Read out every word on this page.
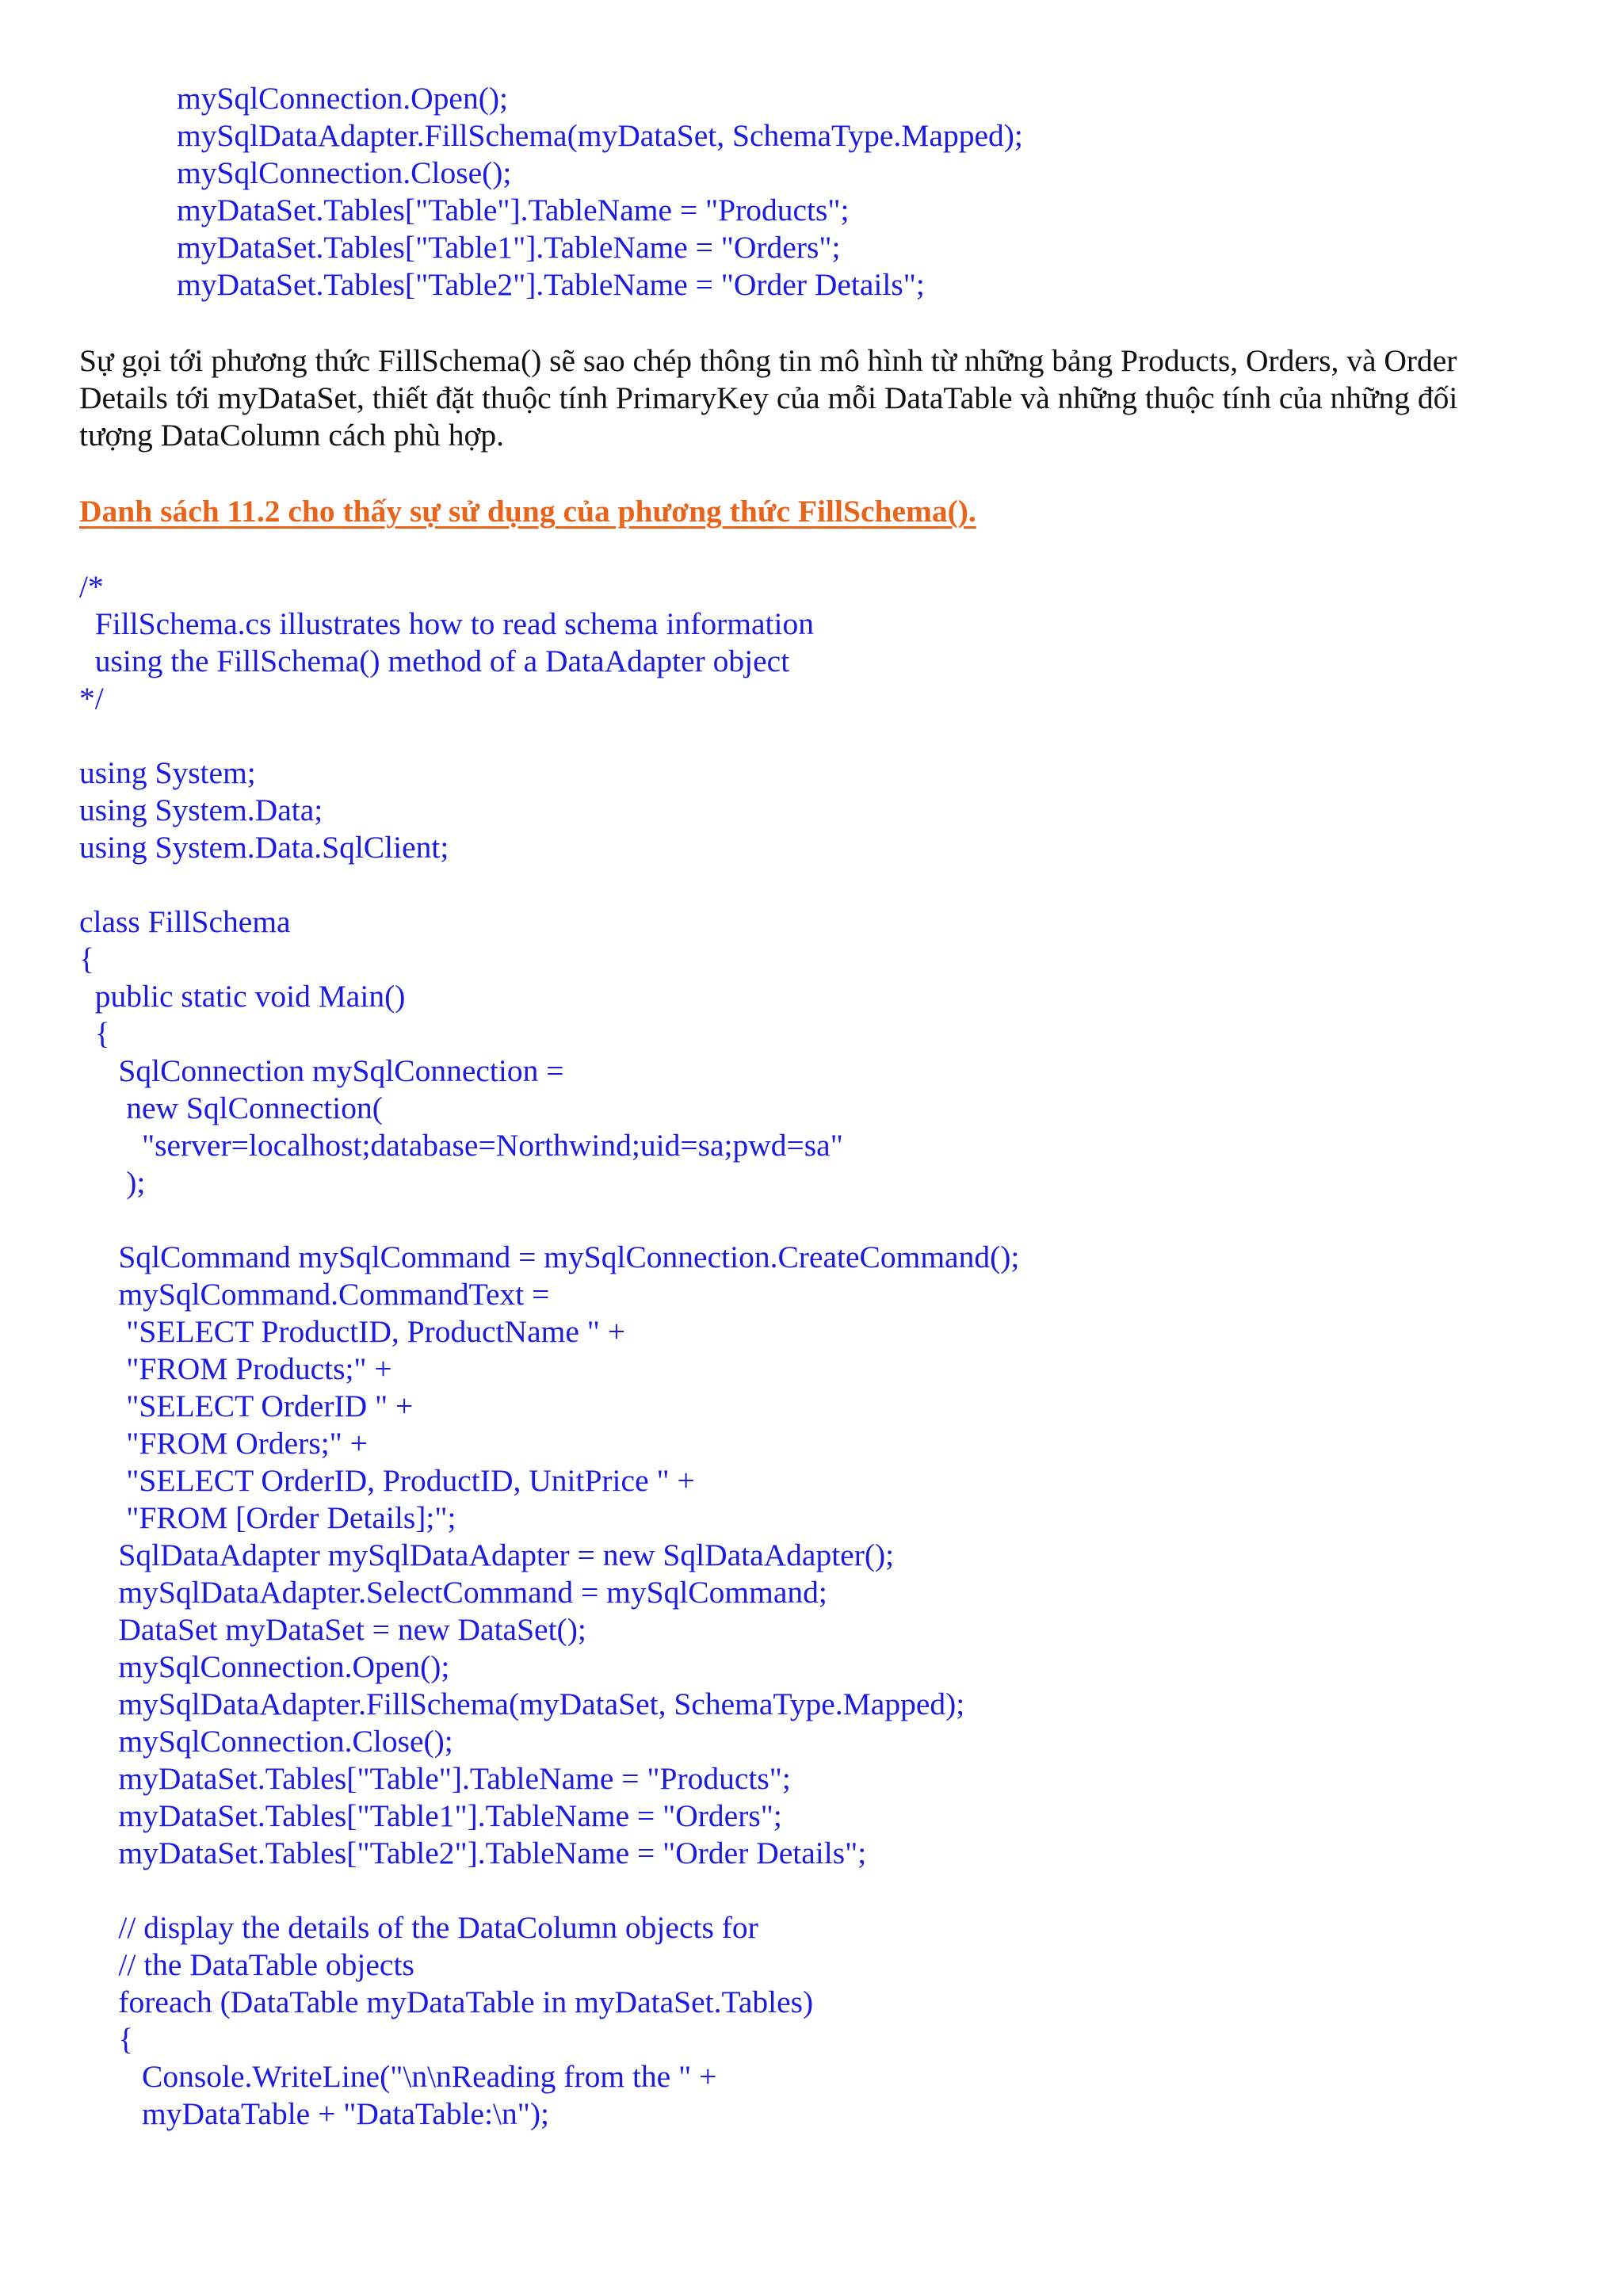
mySqlConnection.Open();
mySqlDataAdapter.FillSchema(myDataSet, SchemaType.Mapped);
mySqlConnection.Close();
myDataSet.Tables["Table"].TableName = "Products";
myDataSet.Tables["Table1"].TableName = "Orders";
myDataSet.Tables["Table2"].TableName = "Order Details";
Sự gọi tới phương thức FillSchema() sẽ sao chép thông tin mô hình từ những bảng Products, Orders, và Order
Details tới myDataSet, thiết đặt thuộc tính PrimaryKey của mỗi DataTable và những thuộc tính của những đối
tượng DataColumn cách phù hợp.
Danh sách 11.2 cho thấy sự sử dụng của phương thức FillSchema().
/*
FillSchema.cs illustrates how to read schema information
using the FillSchema() method of a DataAdapter object
*/
using System;
using System.Data;
using System.Data.SqlClient;
class FillSchema
{
public static void Main()
{
SqlConnection mySqlConnection =
new SqlConnection(
"server=localhost;database=Northwind;uid=sa;pwd=sa"
);
SqlCommand mySqlCommand = mySqlConnection.CreateCommand();
mySqlCommand.CommandText =
"SELECT ProductID, ProductName " +
"FROM Products;" +
"SELECT OrderID " +
"FROM Orders;" +
"SELECT OrderID, ProductID, UnitPrice " +
"FROM [Order Details];";
SqlDataAdapter mySqlDataAdapter = new SqlDataAdapter();
mySqlDataAdapter.SelectCommand = mySqlCommand;
DataSet myDataSet = new DataSet();
mySqlConnection.Open();
mySqlDataAdapter.FillSchema(myDataSet, SchemaType.Mapped);
mySqlConnection.Close();
myDataSet.Tables["Table"].TableName = "Products";
myDataSet.Tables["Table1"].TableName = "Orders";
myDataSet.Tables["Table2"].TableName = "Order Details";
// display the details of the DataColumn objects for
// the DataTable objects
foreach (DataTable myDataTable in myDataSet.Tables)
{
Console.WriteLine("\n\nReading from the " +
myDataTable + "DataTable:\n");
